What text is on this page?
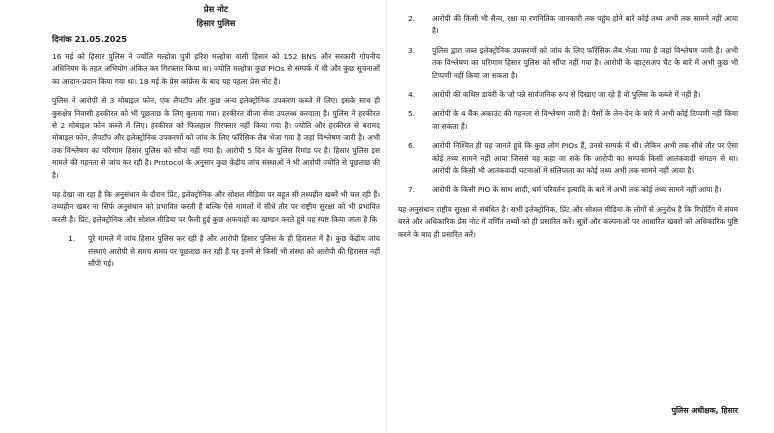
प्रेस नोट
हिसार पुलिस
दिनांक 21.05.2025

16 मई को हिसार पुलिस ने ज्योति मल्होत्रा पुत्री हरिश मल्होत्रा वासी हिसार को 152 BNS और सरकारी गोपनीय अधिनियम के तहत अभियोग अंकित कर गिरफ्तार किया था। ज्योति मल्होत्रा कुछ PIOs से सम्पर्क में थी और कुछ सूचनाओं का आदान-प्रदान किया गया था। 18 मई के प्रेस कांफ्रेंस के बाद यह पहला प्रेस नोट है।

पुलिस ने आरोपी से 3 मोबाइल फोन, एक लैपटॉप और कुछ अन्य इलेक्ट्रोनिक उपकरण कब्जे में लिए। इसके साथ ही कुरुक्षेत्र निवासी हरकीरत को भी पूछताछ के लिए बुलाया गया। हरकीरत वीजा सेवा उपलब्ध करवाता है। पुलिस ने हरकीरत से 2 मोबाइल फोन कब्जे में लिए। हरकीरत को फिलहाल गिरफ्तार नहीं किया गया है। ज्योति और हरकीरत से बरामद मोबाइल फोन, लैपटॉप और इलेक्ट्रोनिक उपकरणों को जांच के लिए फॉरेंसिक लैब भेजा गया है जहां विश्लेषण जारी है। अभी तक विश्लेषण का परिणाम हिसार पुलिस को सौंपा नहीं गया है। आरोपी 5 दिन के पुलिस रिमांड पर है। हिसार पुलिस इस मामले की गहनता से जांच कर रही है। Protocol के अनुसार कुछ केंद्रीय जांच संस्थाओं ने भी आरोपी ज्योति से पूछताछ की है।

यह देखा जा रहा है कि अनुसंधान के दौरान प्रिंट, इलेक्ट्रोनिक और सोशल मीडिया पर बहुत सी तथ्यहीन खबरें भी चल रही हैं। तथ्यहीन खबर ना सिर्फ अनुसंधान को प्रभावित करती है बल्कि ऐसे मामलों में सीधे तौर पर राष्ट्रीय सुरक्षा को भी प्रभावित करती है। प्रिंट, इलेक्ट्रोनिक और सोशल मीडिया पर फैली हुई कुछ अफवाहों का खण्डन करते हुये यह स्पष्ट किया जाता है कि

1. पूरे मामले में जांच हिसार पुलिस कर रही है और आरोपी हिसार पुलिस के ही हिरासत में है। कुछ केंद्रीय जांच संस्थाएं आरोपी से समय समय पर पूछताछ कर रही है पर इनमें से किसी भी संस्था को आरोपी की हिरासत नहीं सौंपी गई।
2. आरोपी की किसी भी सैन्य, रक्षा या रणनितिक जानकारी तक पहुंच होने बारे कोई तथ्य अभी तक सामने नहीं आया है।
3. पुलिस द्वारा जब्त इलेक्ट्रोनिक उपकरणों को जांच के लिए फॉरेंसिक लैब भेजा गया है जहां विश्लेषण जारी है। अभी तक विश्लेषण का परिणाम हिसार पुलिस को सौंपा नहीं गया है। आरोपी के व्हाट्सअप चैट के बारे में अभी कुछ भी टिप्पणी नहीं किया जा सकता है।
4. आरोपी की कथित डायरी के जो पन्ने सार्वजनिक रूप से दिखाए जा रहे है वो पुलिस के कब्जे में नहीं है।
5. आरोपी के 4 बैंक अकाउंट की गहनता से विश्लेषण जारी है। पैसों के लेन-देन के बारे में अभी कोई टिप्पणी नहीं किया जा सकता है।
6. आरोपी निश्चित ही यह जानते हुये कि कुछ लोग PIOs हैं, उनसे सम्पर्क में थी। लेकिन अभी तक सीधे तौर पर ऐसा कोई तथ्य सामने नहीं आया जिससे यह कहा जा सके कि आरोपी का सम्पर्क किसी आतंकवादी संगठन से था। आरोपी के किसी भी आतंकवादी घटनाओं में संलिप्तता का कोई तथ्य अभी तक सामने नहीं आया है।
7. आरोपी के किसी PIO के साथ शादी, धर्म परिवर्तन इत्यादि के बारे में अभी तक कोई तथ्य सामने नहीं आया है।

यह अनुसंधान राष्ट्रीय सुरक्षा से संबंधित है। सभी इलेक्ट्रोनिक, प्रिंट और सोशल मीडिया के लोगों से अनुरोध है कि रिपोर्टिंग में संयम बरते और अधिकारिक प्रेस नोट में वर्णित तथ्यों को ही प्रसारित करें। सूत्रों और कल्पनाओं पर आधारित खबरों को अधिकारिक पुष्टि करने के बाद ही प्रसारित करें।

पुलिस अधीक्षक, हिसार
